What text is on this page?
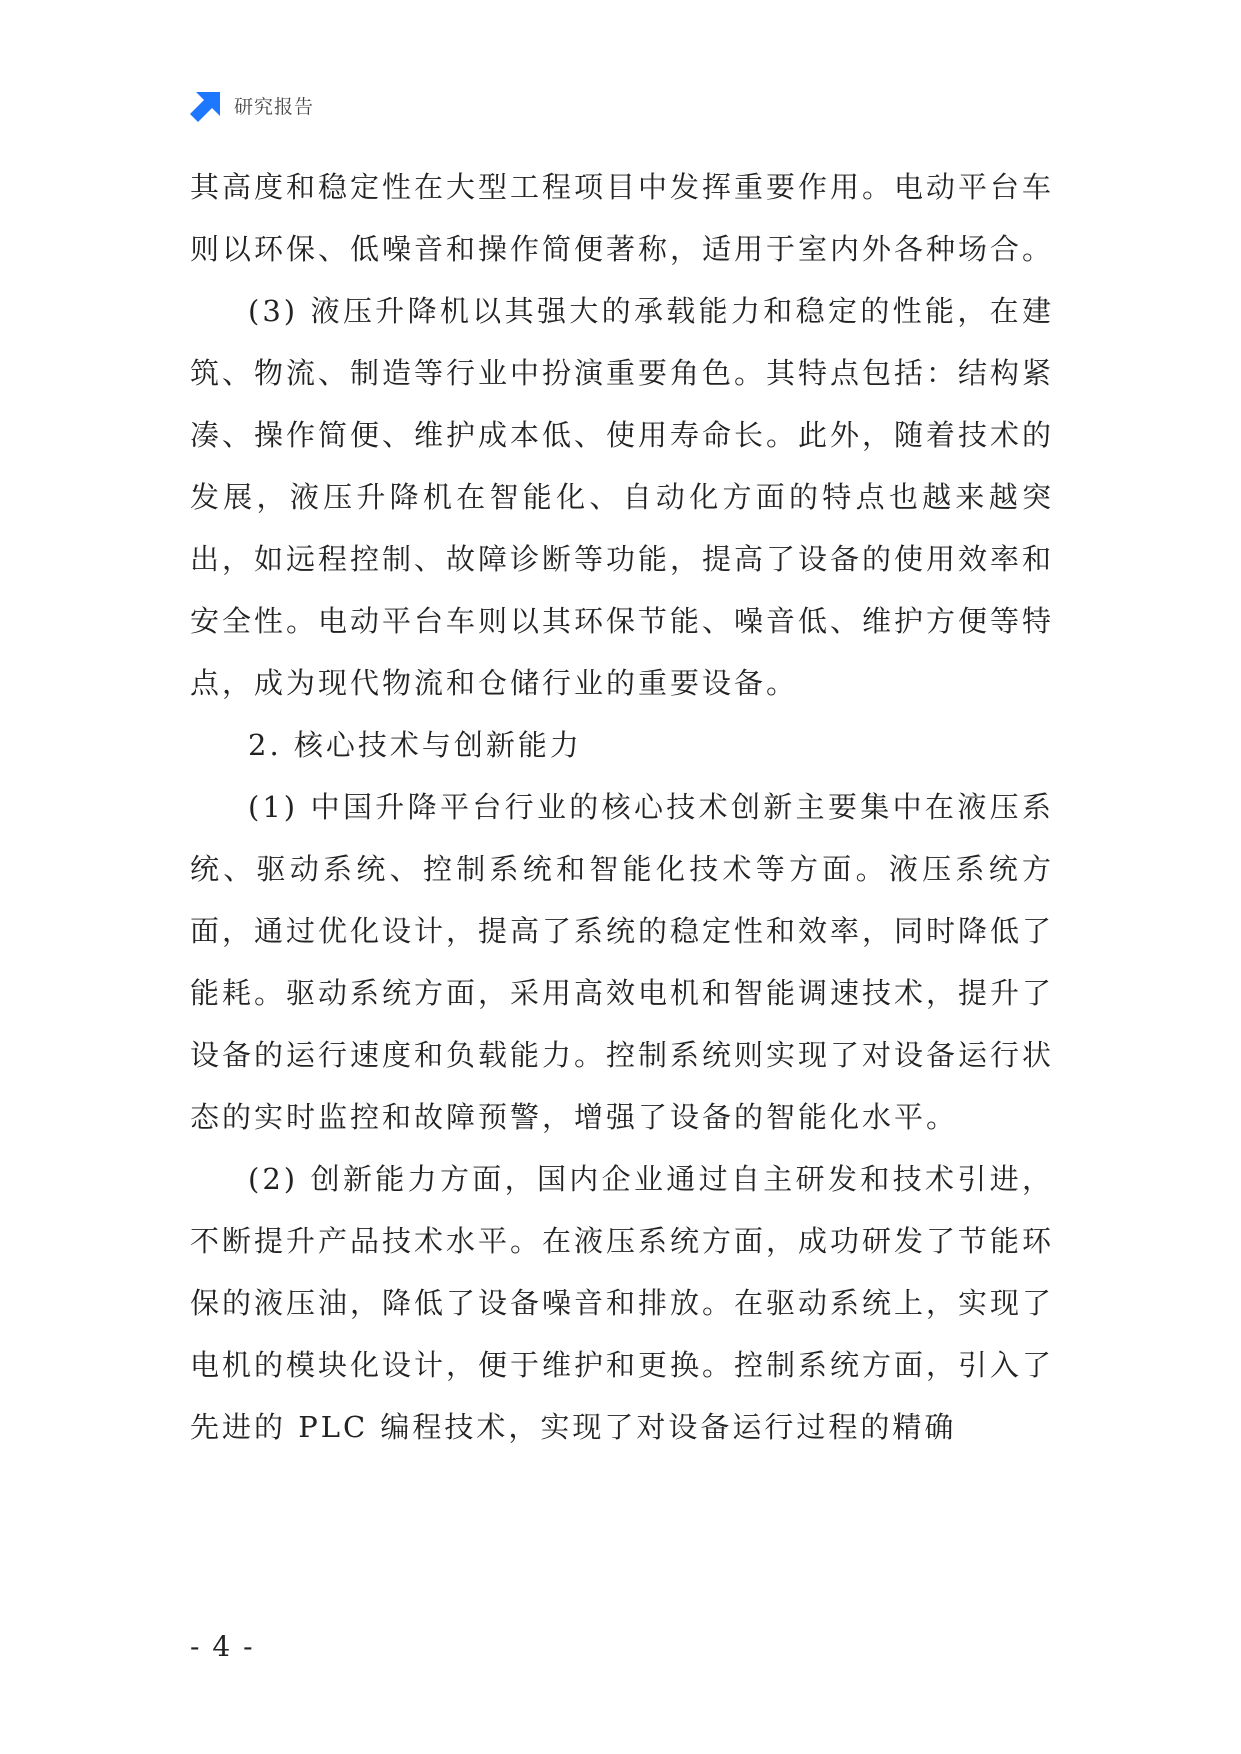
研究报告

其高度和稳定性在大型工程项目中发挥重要作用。电动平台车则以环保、低噪音和操作简便著称，适用于室内外各种场合。

(3) 液压升降机以其强大的承载能力和稳定的性能，在建筑、物流、制造等行业中扮演重要角色。其特点包括：结构紧凑、操作简便、维护成本低、使用寿命长。此外，随着技术的发展，液压升降机在智能化、自动化方面的特点也越来越突出，如远程控制、故障诊断等功能，提高了设备的使用效率和安全性。电动平台车则以其环保节能、噪音低、维护方便等特点，成为现代物流和仓储行业的重要设备。

2. 核心技术与创新能力

(1) 中国升降平台行业的核心技术创新主要集中在液压系统、驱动系统、控制系统和智能化技术等方面。液压系统方面，通过优化设计，提高了系统的稳定性和效率，同时降低了能耗。驱动系统方面，采用高效电机和智能调速技术，提升了设备的运行速度和负载能力。控制系统则实现了对设备运行状态的实时监控和故障预警，增强了设备的智能化水平。

(2) 创新能力方面，国内企业通过自主研发和技术引进，不断提升产品技术水平。在液压系统方面，成功研发了节能环保的液压油，降低了设备噪音和排放。在驱动系统上，实现了电机的模块化设计，便于维护和更换。控制系统方面，引入了先进的 PLC 编程技术，实现了对设备运行过程的精确

- 4 -
